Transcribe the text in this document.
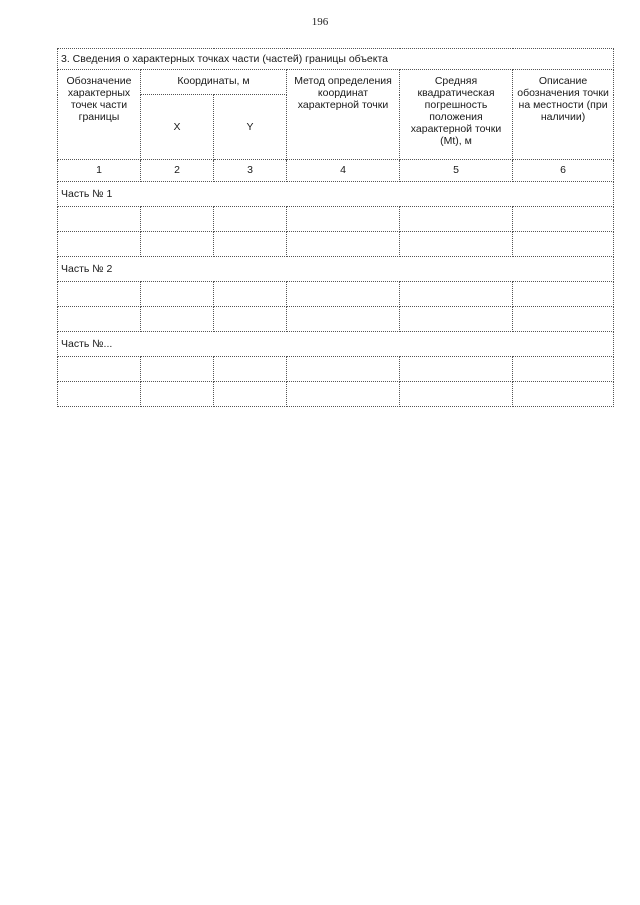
196
3. Сведения о характерных точках части (частей) границы объекта					
Обозначение характерных точек части границы	Координаты, м		Метод определения координат характерной точки	Средняя квадратическая погрешность положения характерной точки (Mt), м	Описание обозначения точки на местности (при наличии)
	X	Y			
1	2	3	4	5	6
Часть № 1					

Часть № 2					

Часть №...					
